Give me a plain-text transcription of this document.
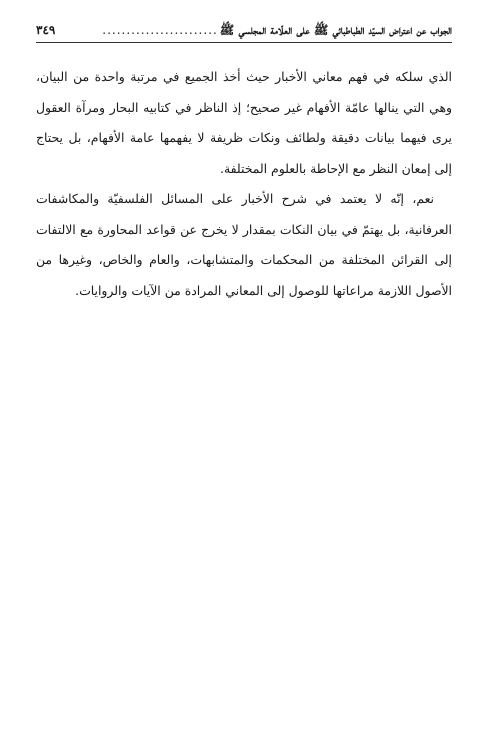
الجواب عن اعتراض السيّد الطباطبائي ﷺ على العلّامة المجلسي ﷺ
........................
٣٤٩

الذي سلكه في فهم معاني الأخبار حيث أخذ الجميع في مرتبة واحدة من البيان، وهي التي ينالها عامّة الأفهام غير صحيح؛ إذ الناظر في كتابيه البحار ومرآة العقول يرى فيهما بيانات دقيقة ولطائف ونكات ظريفة لا يفهمها عامة الأفهام، بل يحتاج إلى إمعان النظر مع الإحاطة بالعلوم المختلفة.

نعم، إنّه لا يعتمد في شرح الأخبار على المسائل الفلسفيّة والمكاشفات العرفانية، بل يهتمّ في بيان النكات بمقدار لا يخرج عن قواعد المحاورة مع الالتفات إلى القرائن المختلفة من المحكمات والمتشابهات، والعام والخاص، وغيرها من الأصول اللازمة مراعاتها للوصول إلى المعاني المرادة من الآيات والروايات.
